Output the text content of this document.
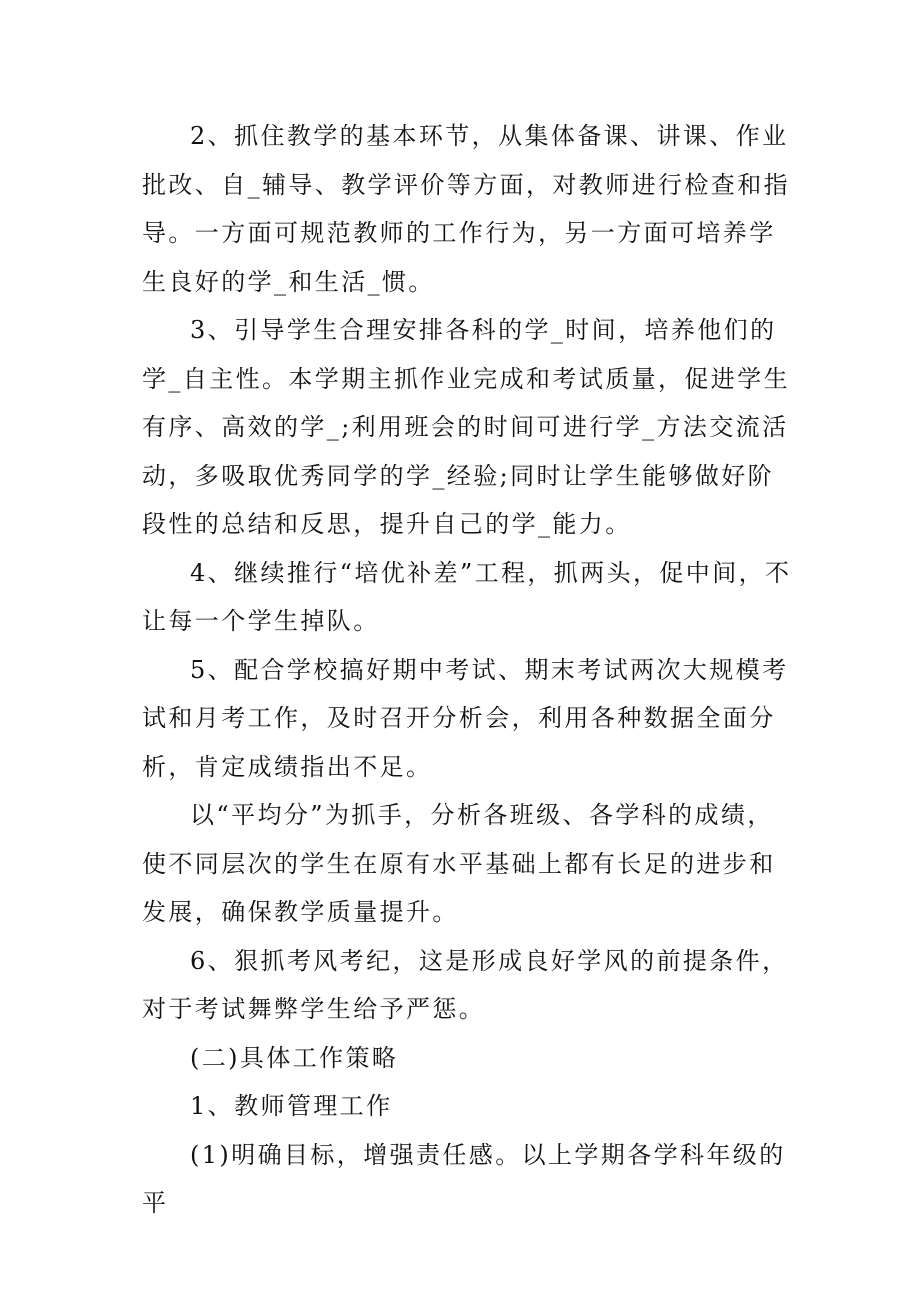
2、抓住教学的基本环节，从集体备课、讲课、作业批改、自_辅导、教学评价等方面，对教师进行检查和指导。一方面可规范教师的工作行为，另一方面可培养学生良好的学_和生活_惯。

3、引导学生合理安排各科的学_时间，培养他们的学_自主性。本学期主抓作业完成和考试质量，促进学生有序、高效的学_;利用班会的时间可进行学_方法交流活动，多吸取优秀同学的学_经验;同时让学生能够做好阶段性的总结和反思，提升自己的学_能力。

4、继续推行“培优补差”工程，抓两头，促中间，不让每一个学生掉队。

5、配合学校搞好期中考试、期末考试两次大规模考试和月考工作，及时召开分析会，利用各种数据全面分析，肯定成绩指出不足。

以“平均分”为抓手，分析各班级、各学科的成绩，使不同层次的学生在原有水平基础上都有长足的进步和发展，确保教学质量提升。

6、狠抓考风考纪，这是形成良好学风的前提条件，对于考试舞弊学生给予严惩。

(二)具体工作策略

1、教师管理工作

(1)明确目标，增强责任感。以上学期各学科年级的平
